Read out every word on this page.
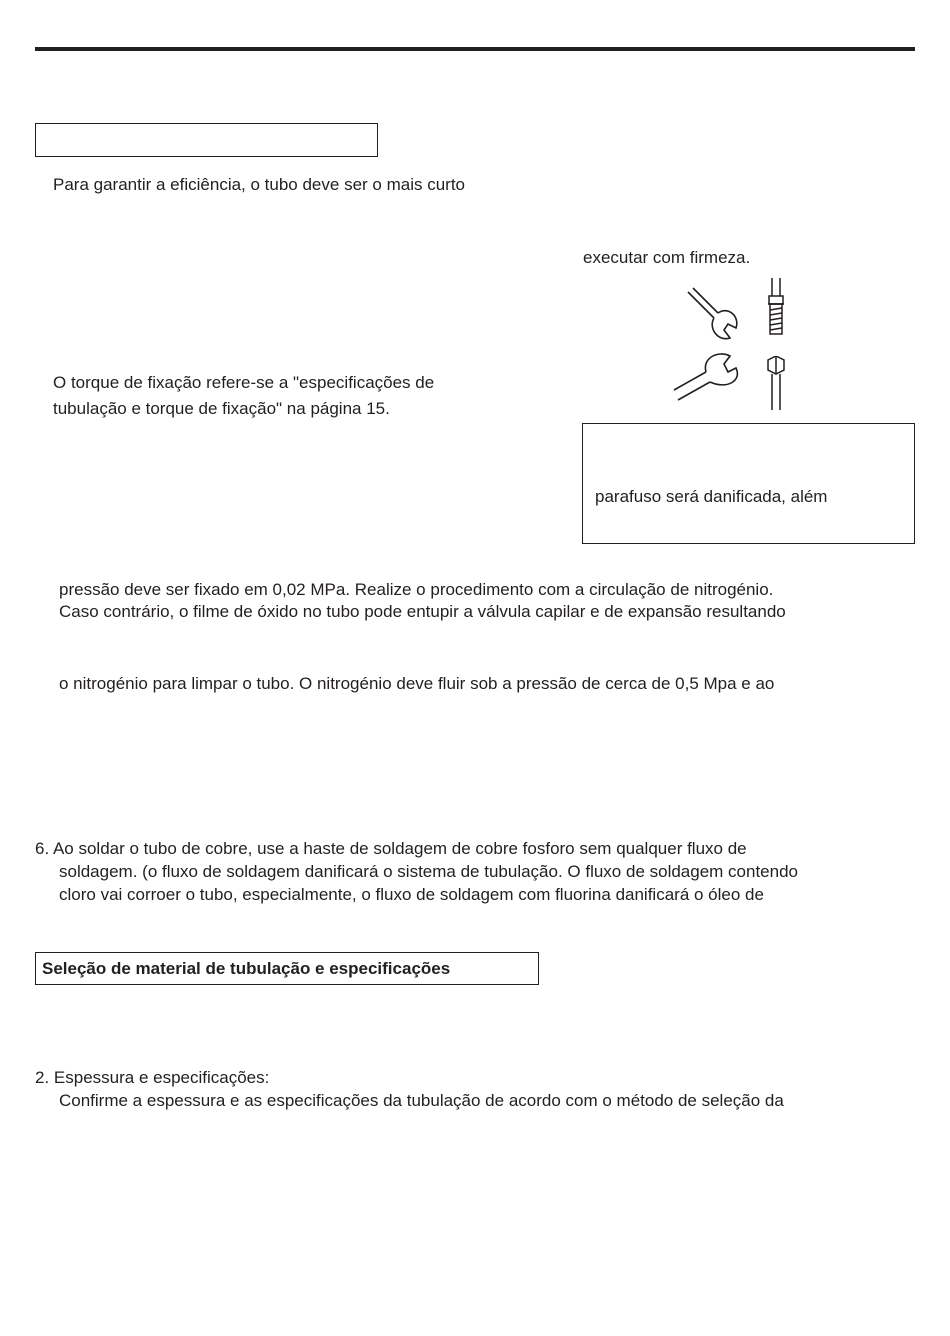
Para garantir a eficiência, o tubo deve ser o mais curto
executar com firmeza.
O torque de fixação refere-se a "especificações de
tubulação e torque de fixação" na página 15.
parafuso será danificada, além
pressão deve ser fixado em 0,02 MPa. Realize o procedimento com a circulação de nitrogénio.
Caso contrário, o filme de óxido no tubo pode entupir a válvula capilar e de expansão resultando
o nitrogénio para limpar o tubo. O nitrogénio deve fluir sob a pressão de cerca de 0,5 Mpa e ao
6. Ao soldar o tubo de cobre, use a haste de soldagem de cobre fosforo sem qualquer fluxo de
soldagem. (o fluxo de soldagem danificará o sistema de tubulação. O fluxo de soldagem contendo
cloro vai corroer o tubo, especialmente, o fluxo de soldagem com fluorina danificará o óleo de
Seleção de material de tubulação e especificações
2. Espessura e especificações:
Confirme a espessura e as especificações da tubulação de acordo com o método de seleção da
